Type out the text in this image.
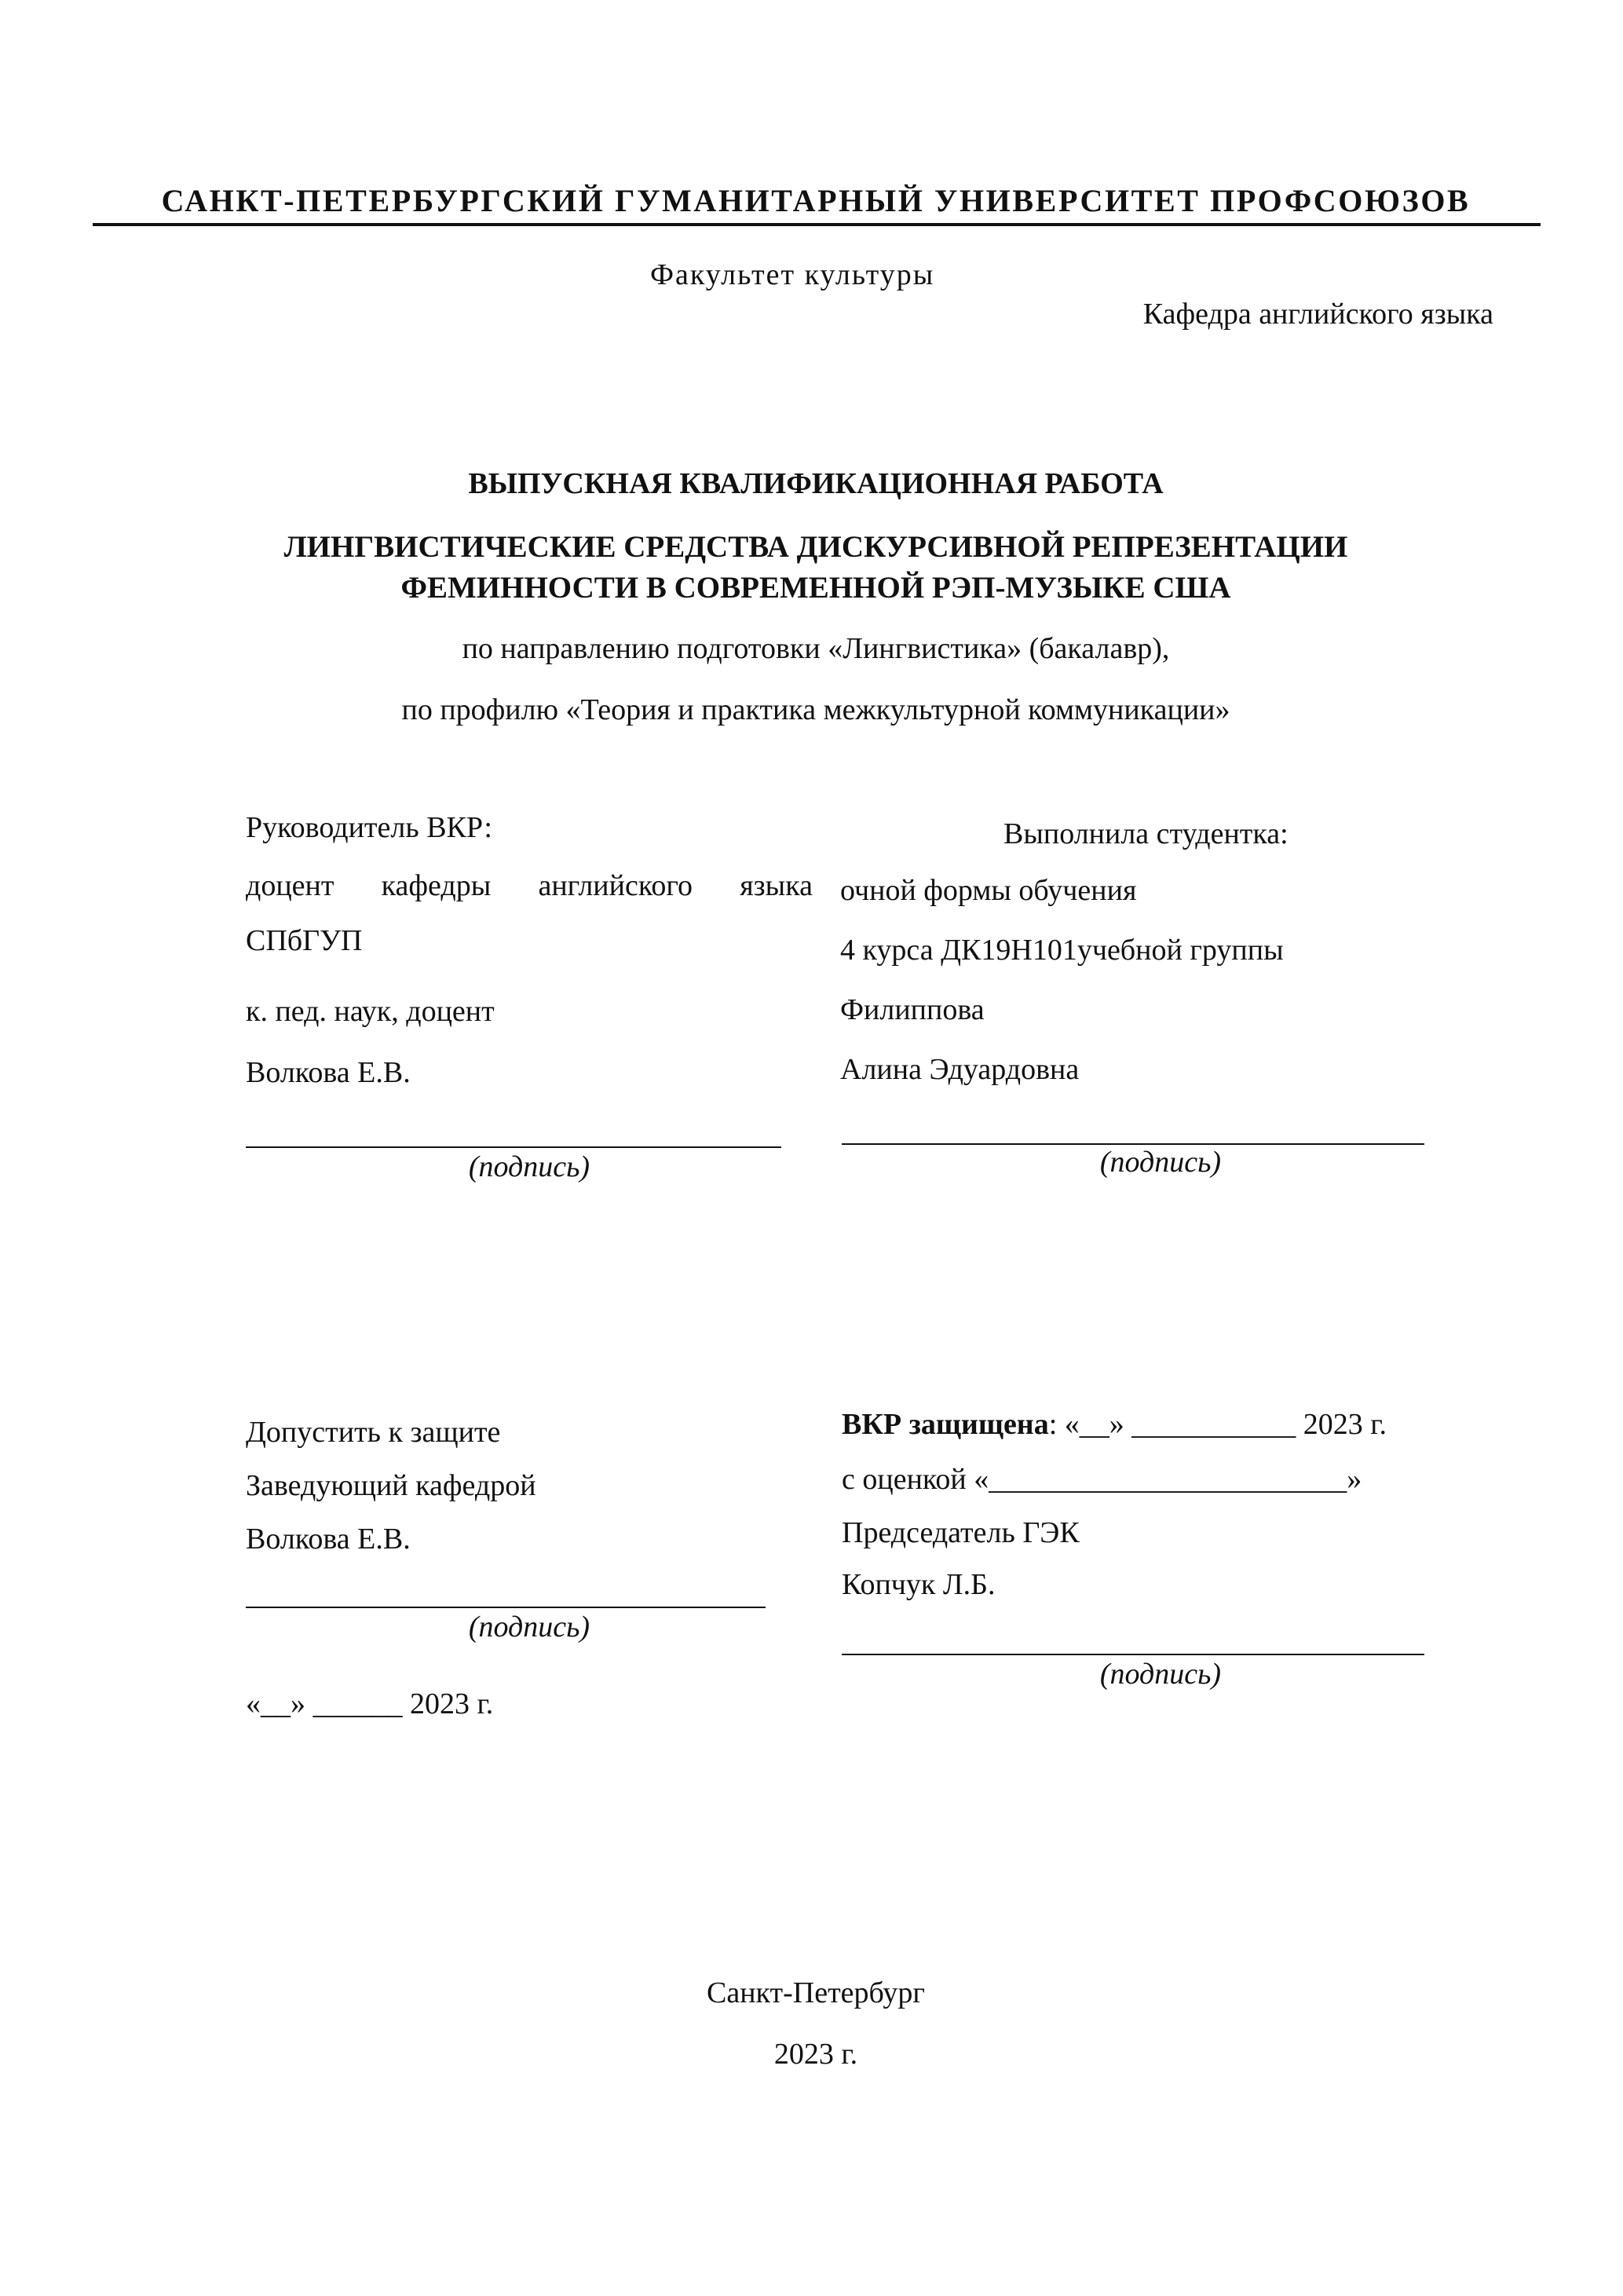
САНКТ-ПЕТЕРБУРГСКИЙ ГУМАНИТАРНЫЙ УНИВЕРСИТЕТ ПРОФСОЮЗОВ
Факультет культуры
Кафедра английского языка
ВЫПУСКНАЯ КВАЛИФИКАЦИОННАЯ РАБОТА
ЛИНГВИСТИЧЕСКИЕ СРЕДСТВА ДИСКУРСИВНОЙ РЕПРЕЗЕНТАЦИИ
ФЕМИННОСТИ В СОВРЕМЕННОЙ РЭП-МУЗЫКЕ США
по направлению подготовки «Лингвистика» (бакалавр),
по профилю «Теория и практика межкультурной коммуникации»
Руководитель ВКР:
доцент кафедры английского языка
СПбГУП
к. пед. наук, доцент
Волкова Е.В.
(подпись)
Выполнила студентка:
очной формы обучения
4 курса ДК19Н101учебной группы
Филиппова
Алина Эдуардовна
(подпись)
Допустить к защите
Заведующий кафедрой
Волкова Е.В.
(подпись)
«__» ______ 2023 г.
ВКР защищена: «__» ___________ 2023 г.
с оценкой «________________________»
Председатель ГЭК
Копчук Л.Б.
(подпись)
Санкт-Петербург
2023 г.
